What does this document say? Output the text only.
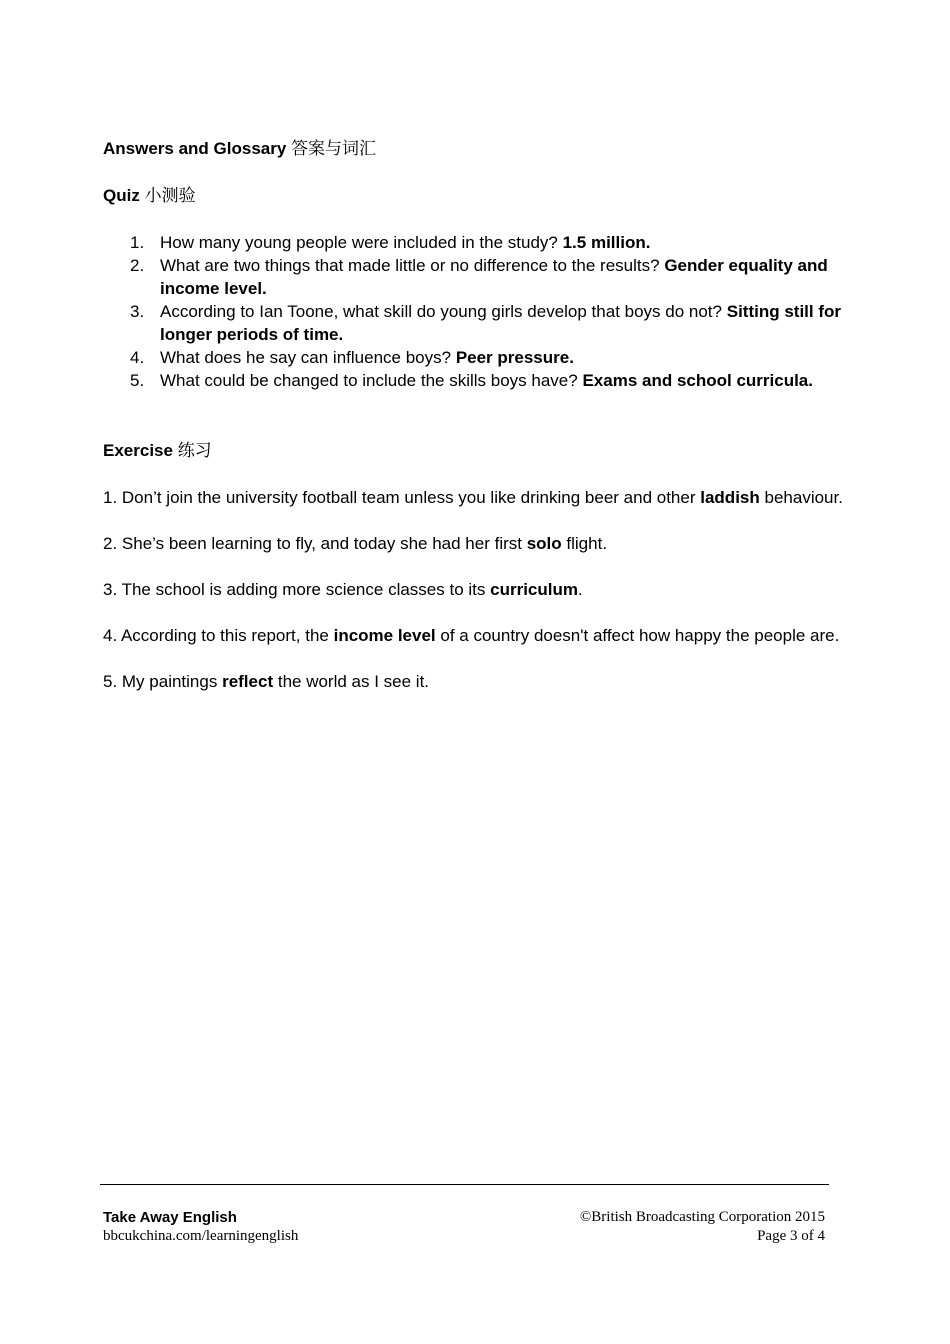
Answers and Glossary 答案与词汇

Quiz 小测验

1. How many young people were included in the study? 1.5 million.
2. What are two things that made little or no difference to the results? Gender equality and income level.
3. According to Ian Toone, what skill do young girls develop that boys do not? Sitting still for longer periods of time.
4. What does he say can influence boys? Peer pressure.
5. What could be changed to include the skills boys have? Exams and school curricula.

Exercise 练习

1. Don’t join the university football team unless you like drinking beer and other laddish behaviour.

2. She’s been learning to fly, and today she had her first solo flight.

3. The school is adding more science classes to its curriculum.

4. According to this report, the income level of a country doesn't affect how happy the people are.

5. My paintings reflect the world as I see it.

Take Away English
bbcukchina.com/learningenglish
©British Broadcasting Corporation 2015
Page 3 of 4
